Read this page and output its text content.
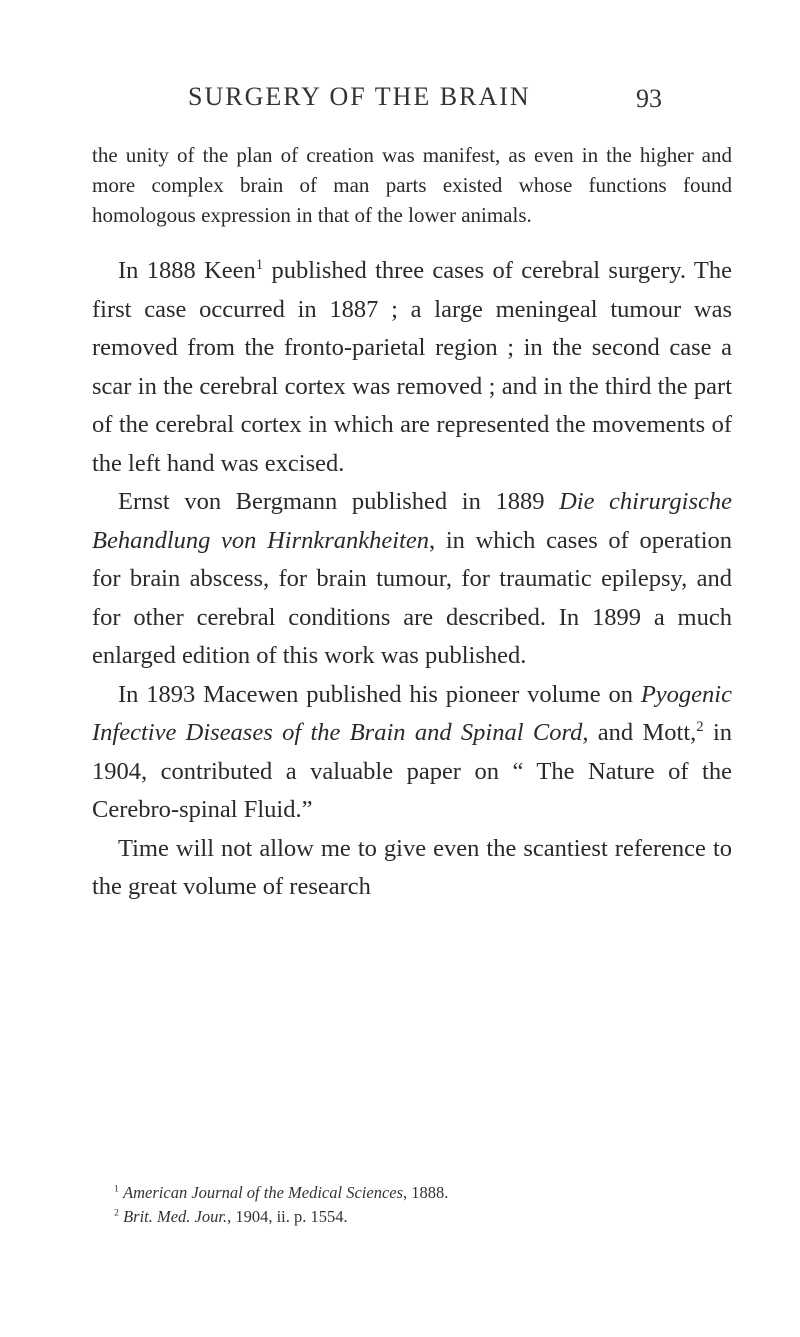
SURGERY OF THE BRAIN	93

the unity of the plan of creation was manifest, as even in the higher and more complex brain of man parts existed whose functions found homologous expression in that of the lower animals.

In 1888 Keen$^1$ published three cases of cerebral surgery. The first case occurred in 1887 ; a large meningeal tumour was removed from the fronto-parietal region ; in the second case a scar in the cerebral cortex was removed ; and in the third the part of the cerebral cortex in which are represented the movements of the left hand was excised.

Ernst von Bergmann published in 1889 Die chirurgische Behandlung von Hirnkrankheiten, in which cases of operation for brain abscess, for brain tumour, for traumatic epilepsy, and for other cerebral conditions are described. In 1899 a much enlarged edition of this work was published.

In 1893 Macewen published his pioneer volume on Pyogenic Infective Diseases of the Brain and Spinal Cord, and Mott,$^2$ in 1904, contributed a valuable paper on “ The Nature of the Cerebro-spinal Fluid.”

Time will not allow me to give even the scantiest reference to the great volume of research

$^1$ American Journal of the Medical Sciences, 1888.
$^2$ Brit. Med. Jour., 1904, ii. p. 1554.
